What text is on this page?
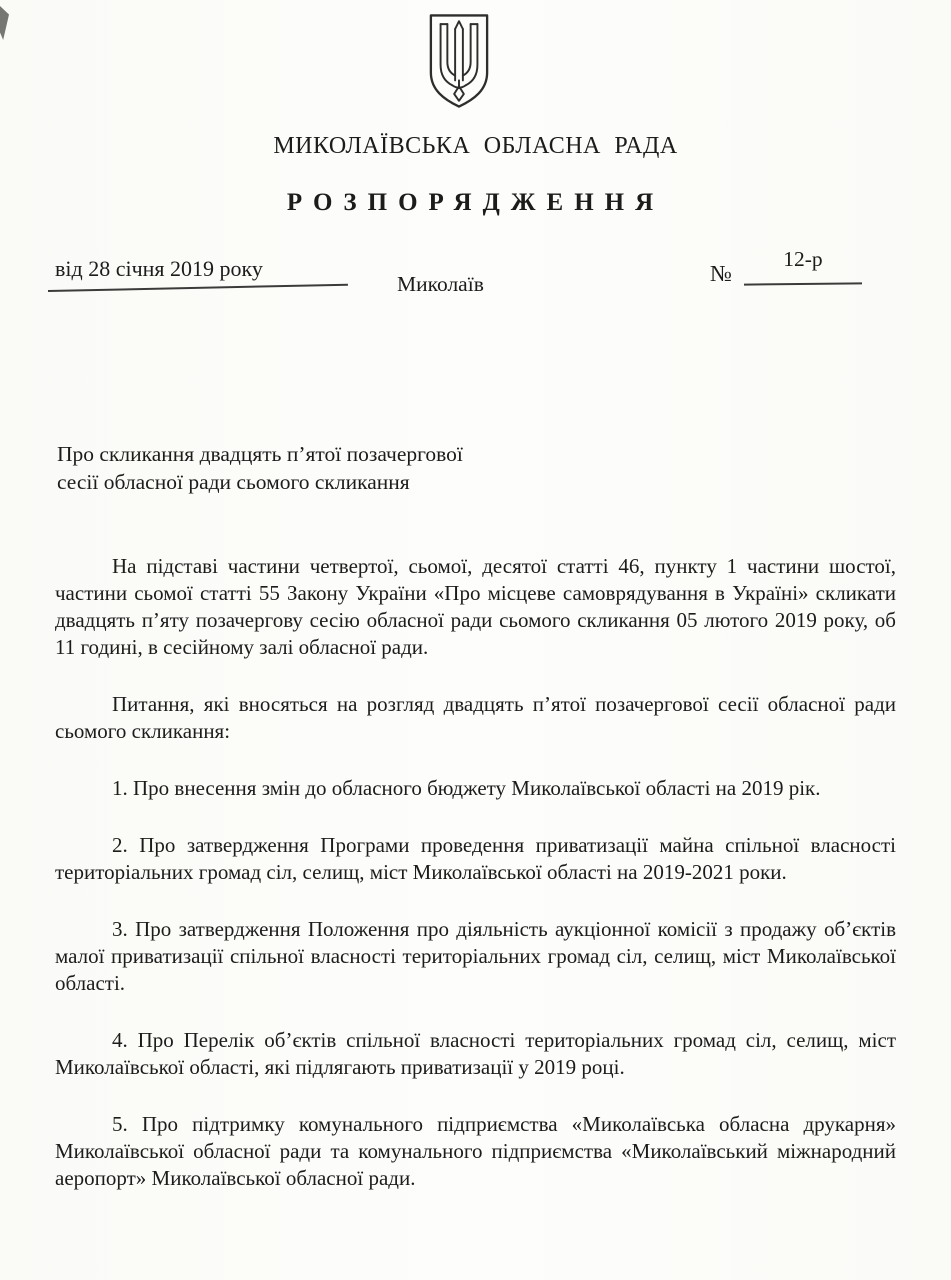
МИКОЛАЇВСЬКА ОБЛАСНА РАДА
РОЗПОРЯДЖЕННЯ
від 28 січня 2019 року
Миколаїв	№
12-р
Про скликання двадцять п’ятої позачергової
сесії обласної ради сьомого скликання

На підставі частини четвертої, сьомої, десятої статті 46, пункту 1 частини шостої, частини сьомої статті 55 Закону України «Про місцеве самоврядування в Україні» скликати двадцять п’яту позачергову сесію обласної ради сьомого скликання 05 лютого 2019 року, об 11 годині, в сесійному залі обласної ради.

Питання, які вносяться на розгляд двадцять п’ятої позачергової сесії обласної ради сьомого скликання:

1. Про внесення змін до обласного бюджету Миколаївської області на 2019 рік.

2. Про затвердження Програми проведення приватизації майна спільної власності територіальних громад сіл, селищ, міст Миколаївської області на 2019-2021 роки.

3. Про затвердження Положення про діяльність аукціонної комісії з продажу об’єктів малої приватизації спільної власності територіальних громад сіл, селищ, міст Миколаївської області.

4. Про Перелік об’єктів спільної власності територіальних громад сіл, селищ, міст Миколаївської області, які підлягають приватизації у 2019 році.

5. Про підтримку комунального підприємства «Миколаївська обласна друкарня» Миколаївської обласної ради та комунального підприємства «Миколаївський міжнародний аеропорт» Миколаївської обласної ради.
